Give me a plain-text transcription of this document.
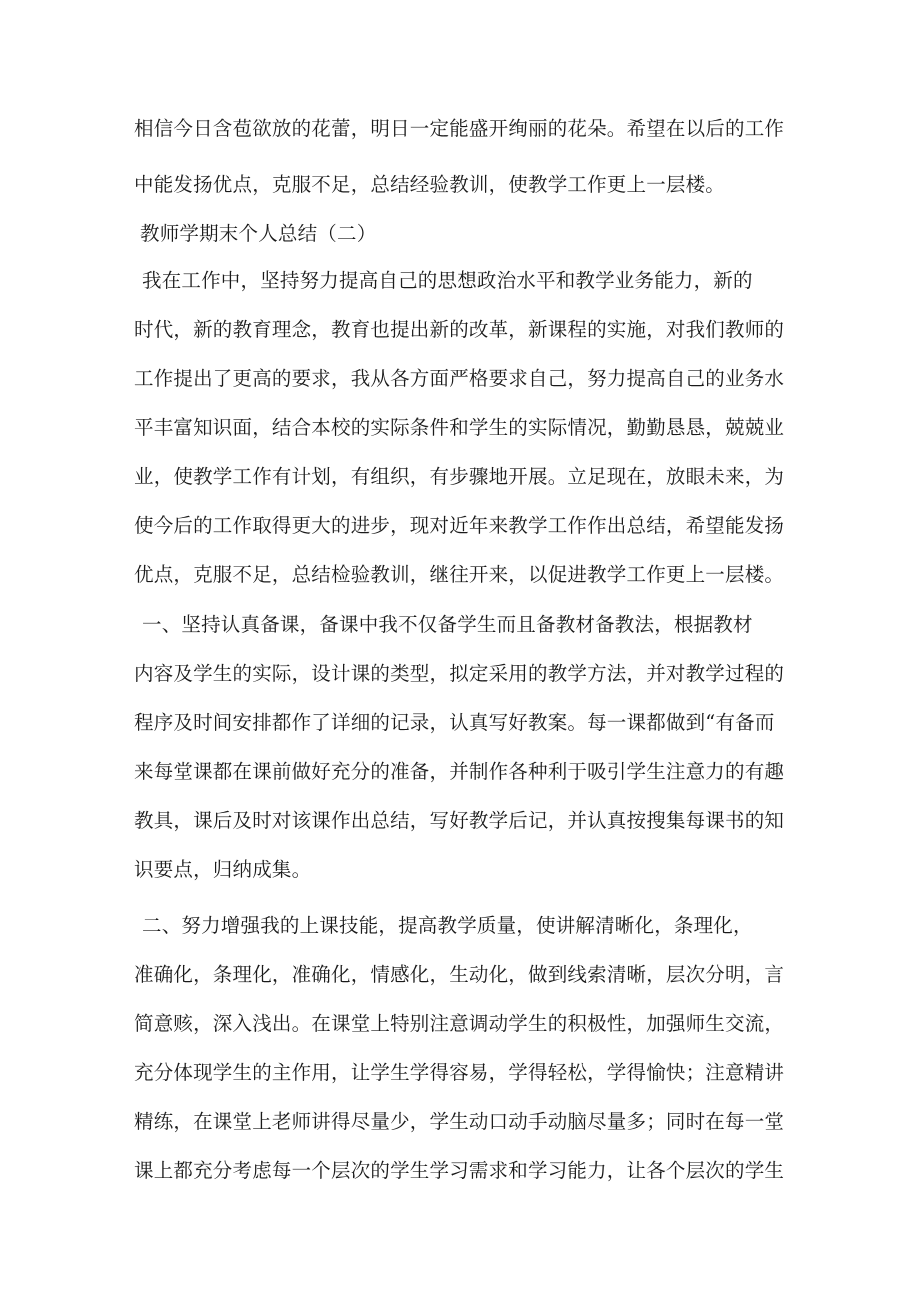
相信今日含苞欲放的花蕾，明日一定能盛开绚丽的花朵。希望在以后的工作
中能发扬优点，克服不足，总结经验教训，使教学工作更上一层楼。
教师学期末个人总结（二）
我在工作中，坚持努力提高自己的思想政治水平和教学业务能力，新的
时代，新的教育理念，教育也提出新的改革，新课程的实施，对我们教师的
工作提出了更高的要求，我从各方面严格要求自己，努力提高自己的业务水
平丰富知识面，结合本校的实际条件和学生的实际情况，勤勤恳恳，兢兢业
业，使教学工作有计划，有组织，有步骤地开展。立足现在，放眼未来，为
使今后的工作取得更大的进步，现对近年来教学工作作出总结，希望能发扬
优点，克服不足，总结检验教训，继往开来，以促进教学工作更上一层楼。
一、坚持认真备课，备课中我不仅备学生而且备教材备教法，根据教材
内容及学生的实际，设计课的类型，拟定采用的教学方法，并对教学过程的
程序及时间安排都作了详细的记录，认真写好教案。每一课都做到“有备而
来每堂课都在课前做好充分的准备，并制作各种利于吸引学生注意力的有趣
教具，课后及时对该课作出总结，写好教学后记，并认真按搜集每课书的知
识要点，归纳成集。
二、努力增强我的上课技能，提高教学质量，使讲解清晰化，条理化，
准确化，条理化，准确化，情感化，生动化，做到线索清晰，层次分明，言
简意赅，深入浅出。在课堂上特别注意调动学生的积极性，加强师生交流，
充分体现学生的主作用，让学生学得容易，学得轻松，学得愉快；注意精讲
精练，在课堂上老师讲得尽量少，学生动口动手动脑尽量多；同时在每一堂
课上都充分考虑每一个层次的学生学习需求和学习能力，让各个层次的学生
